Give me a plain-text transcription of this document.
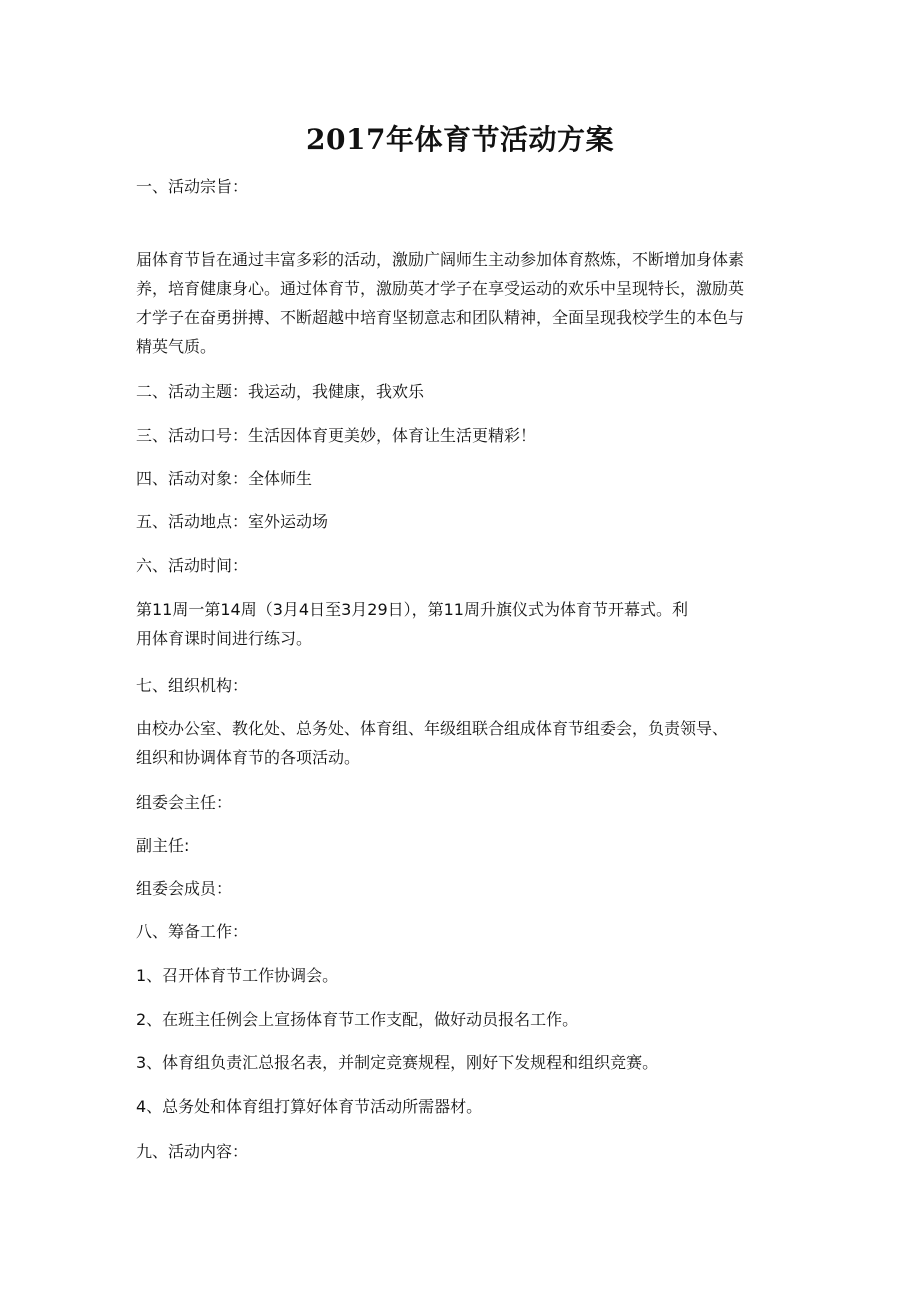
2017年体育节活动方案

一、活动宗旨：

届体育节旨在通过丰富多彩的活动，激励广阔师生主动参加体育熬炼，不断增加身体素
养，培育健康身心。通过体育节，激励英才学子在享受运动的欢乐中呈现特长，激励英
才学子在奋勇拼搏、不断超越中培育坚韧意志和团队精神，全面呈现我校学生的本色与
精英气质。

二、活动主题：我运动，我健康，我欢乐

三、活动口号：生活因体育更美妙，体育让生活更精彩！

四、活动对象：全体师生

五、活动地点：室外运动场

六、活动时间：

第11周一第14周（3月4日至3月29日），第11周升旗仪式为体育节开幕式。利
用体育课时间进行练习。

七、组织机构：

由校办公室、教化处、总务处、体育组、年级组联合组成体育节组委会，负责领导、
组织和协调体育节的各项活动。

组委会主任：

副主任:

组委会成员：

八、筹备工作：

1、召开体育节工作协调会。

2、在班主任例会上宣扬体育节工作支配，做好动员报名工作。

3、体育组负责汇总报名表，并制定竞赛规程，刚好下发规程和组织竞赛。

4、总务处和体育组打算好体育节活动所需器材。

九、活动内容：
